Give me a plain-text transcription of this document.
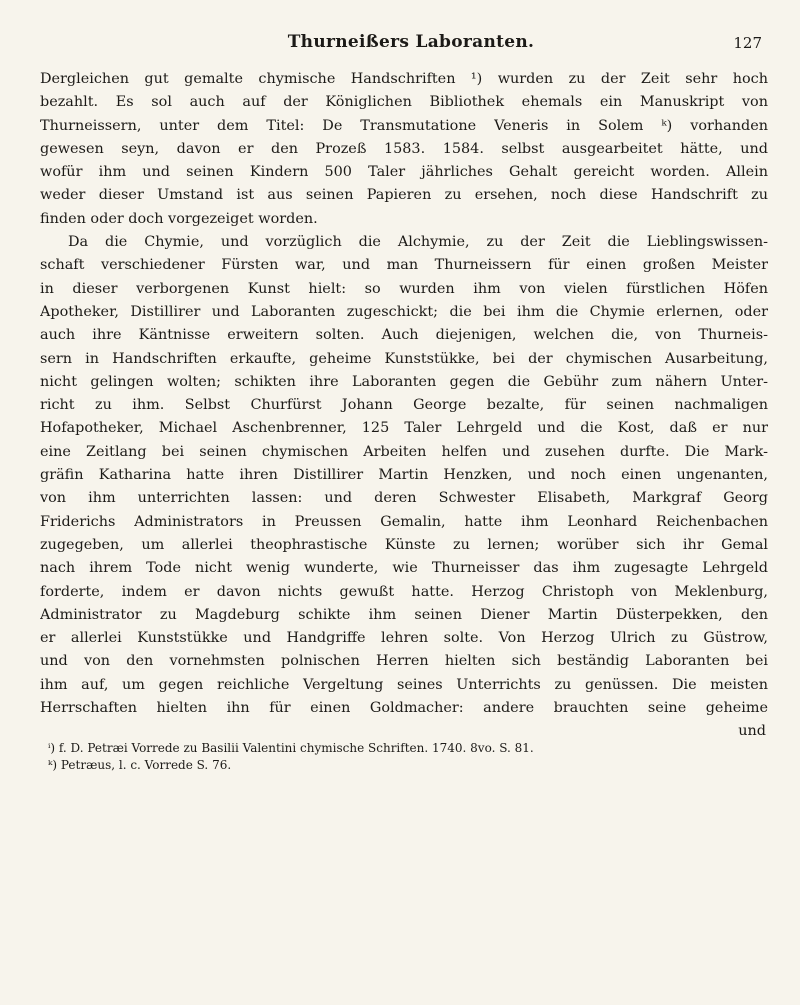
Thurneißers Laboranten.	127
Dergleichen gut gemalte chymische Handschriften ¹) wurden zu der Zeit sehr hoch
bezahlt. Es sol auch auf der Königlichen Bibliothek ehemals ein Manuskript von
Thurneissern, unter dem Titel: De Transmutatione Veneris in Solem ᵏ) vorhanden
gewesen seyn, davon er den Prozeß 1583. 1584. selbst ausgearbeitet hätte, und
wofür ihm und seinen Kindern 500 Taler jährliches Gehalt gereicht worden. Allein
weder dieser Umstand ist aus seinen Papieren zu ersehen, noch diese Handschrift zu
finden oder doch vorgezeiget worden.
Da die Chymie, und vorzüglich die Alchymie, zu der Zeit die Lieblingswissen-
schaft verschiedener Fürsten war, und man Thurneissern für einen großen Meister
in dieser verborgenen Kunst hielt: so wurden ihm von vielen fürstlichen Höfen
Apotheker, Distillirer und Laboranten zugeschickt; die bei ihm die Chymie erlernen, oder
auch ihre Käntnisse erweitern solten. Auch diejenigen, welchen die, von Thurneis-
sern in Handschriften erkaufte, geheime Kunststükke, bei der chymischen Ausarbeitung,
nicht gelingen wolten; schikten ihre Laboranten gegen die Gebühr zum nähern Unter-
richt zu ihm. Selbst Churfürst Johann George bezalte, für seinen nachmaligen
Hofapotheker, Michael Aschenbrenner, 125 Taler Lehrgeld und die Kost, daß er nur
eine Zeitlang bei seinen chymischen Arbeiten helfen und zusehen durfte. Die Mark-
gräfin Katharina hatte ihren Distillirer Martin Henzken, und noch einen ungenanten,
von ihm unterrichten lassen: und deren Schwester Elisabeth, Markgraf Georg
Friderichs Administrators in Preussen Gemalin, hatte ihm Leonhard Reichenbachen
zugegeben, um allerlei theophrastische Künste zu lernen; worüber sich ihr Gemal
nach ihrem Tode nicht wenig wunderte, wie Thurneisser das ihm zugesagte Lehrgeld
forderte, indem er davon nichts gewußt hatte. Herzog Christoph von Meklenburg,
Administrator zu Magdeburg schikte ihm seinen Diener Martin Düsterpekken, den
er allerlei Kunststükke und Handgriffe lehren solte. Von Herzog Ulrich zu Güstrow,
und von den vornehmsten polnischen Herren hielten sich beständig Laboranten bei
ihm auf, um gegen reichliche Vergeltung seines Unterrichts zu genüssen. Die meisten
Herrschaften hielten ihn für einen Goldmacher: andere brauchten seine geheime
und
ⁱ) f. D. Petræi Vorrede zu Basilii Valentini chymische Schriften. 1740. 8vo. S. 81.
ᵏ) Petræus, l. c. Vorrede S. 76.
